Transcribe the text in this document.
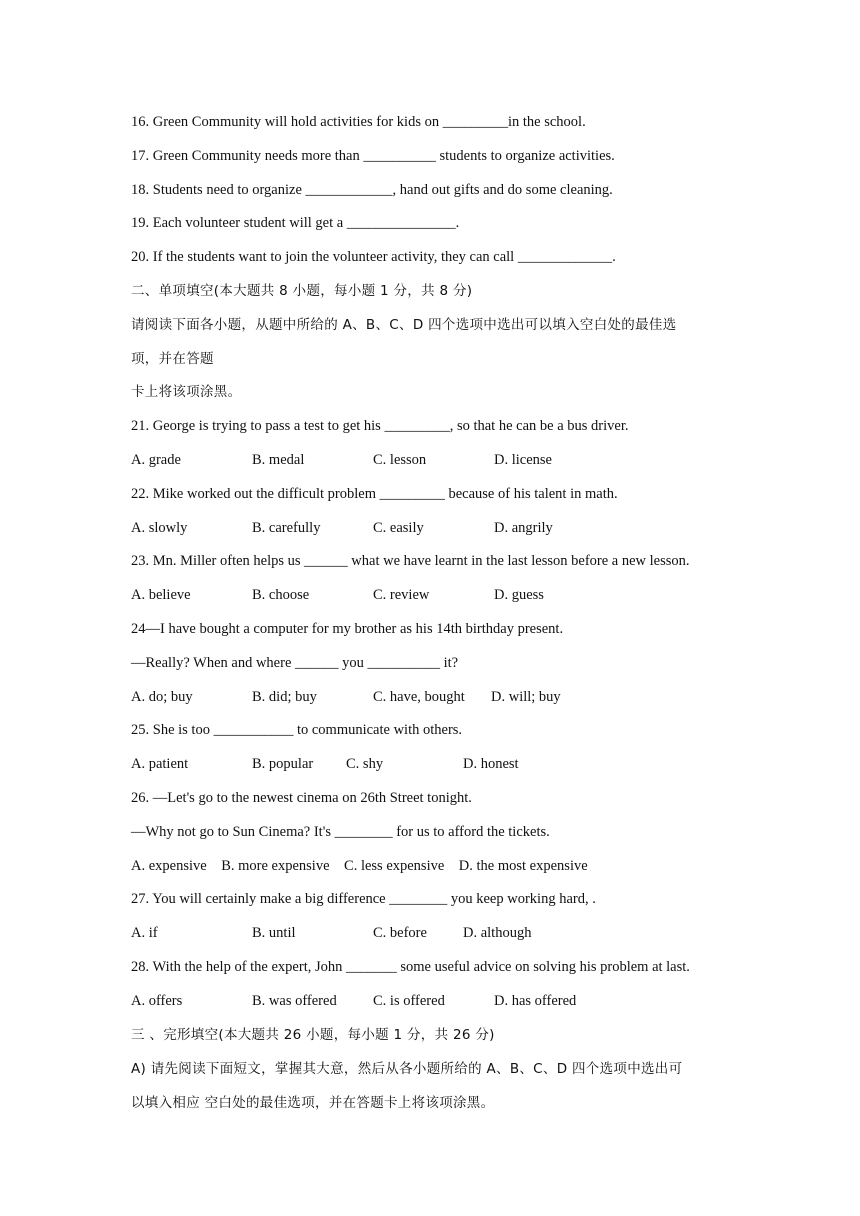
16. Green Community will hold activities for kids on _________in the school.
17. Green Community needs more than __________ students to organize activities.
18. Students need to organize ____________, hand out gifts and do some cleaning.
19. Each volunteer student will get a _______________.
20. If the students want to join the volunteer activity, they can call _____________.
二、单项填空(本大题共 8 小题，每小题 1 分，共 8 分)
请阅读下面各小题，从题中所给的 A、B、C、D 四个选项中选出可以填入空白处的最佳选
项，并在答题
卡上将该项涂黑。
21. George is trying to pass a test to get his _________, so that he can be a bus driver.
A. grade	B. medal	C. lesson	D. license
22. Mike worked out the difficult problem _________ because of his talent in math.
A. slowly	B. carefully	C. easily	D. angrily
23. Mn. Miller often helps us ______ what we have learnt in the last lesson before a new lesson.
A. believe	B. choose	C. review	D. guess
24—I have bought a computer for my brother as his 14th birthday present.
—Really? When and where ______ you __________ it?
A. do; buy	B. did; buy	C. have, bought D. will; buy
25. She is too ___________ to communicate with others.
A. patient	B. popular C. shy	D. honest
26. —Let's go to the newest cinema on 26th Street tonight.
—Why not go to Sun Cinema? It's ________ for us to afford the tickets.
A. expensive    B. more expensive    C. less expensive    D. the most expensive
27. You will certainly make a big difference ________ you keep working hard, .
A. if	B. until	C. before D. although
28. With the help of the expert, John _______ some useful advice on solving his problem at last.
A. offers	B. was offered	C. is offered	D. has offered
三 、完形填空(本大题共 26 小题，每小题 1 分，共 26 分)
A) 请先阅读下面短文，掌握其大意，然后从各小题所给的 A、B、C、D 四个选项中选出可
以填入相应 空白处的最佳选项，并在答题卡上将该项涂黑。
